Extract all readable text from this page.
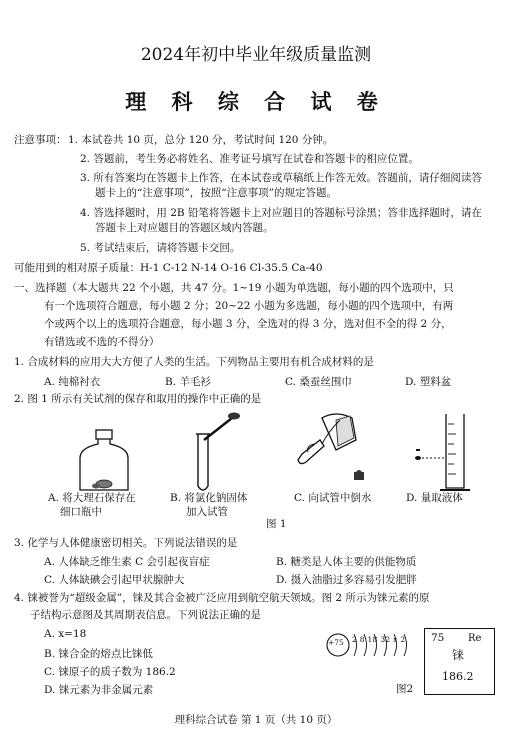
2024年初中毕业年级质量监测
理 科 综 合 试 卷
注意事项： 1. 本试卷共 10 页，总分 120 分，考试时间 120 分钟。
2. 答题前，考生务必将姓名、准考证号填写在试卷和答题卡的相应位置。
3. 所有答案均在答题卡上作答，在本试卷或草稿纸上作答无效。答题前，请仔细阅读答
题卡上的“注意事项”，按照“注意事项”的规定答题。
4. 答选择题时，用 2B 铅笔将答题卡上对应题目的答题标号涂黑；答非选择题时，请在
答题卡上对应题目的答题区域内答题。
5. 考试结束后，请将答题卡交回。
可能用到的相对原子质量：H-1 C-12 N-14 O-16 Cl-35.5 Ca-40
一、选择题（本大题共 22 个小题，共 47 分。1~19 小题为单选题，每小题的四个选项中，只
有一个选项符合题意，每小题 2 分；20~22 小题为多选题，每小题的四个选项中，有两
个或两个以上的选项符合题意，每小题 3 分，全选对的得 3 分，选对但不全的得 2 分，
有错选或不选的不得分）
1. 合成材料的应用大大方便了人类的生活。下列物品主要用有机合成材料的是
A. 纯棉衬衣	B. 羊毛衫	C. 桑蚕丝围巾	D. 塑料盆
2. 图 1 所示有关试剂的保存和取用的操作中正确的是
A. 将大理石保存在
细口瓶中
B. 将氯化钠固体
加入试管
C. 向试管中倒水	D. 量取液体
图 1
3. 化学与人体健康密切相关。下列说法错误的是
A. 人体缺乏维生素 C 会引起夜盲症	B. 糖类是人体主要的供能物质
C. 人体缺碘会引起甲状腺肿大	D. 摄入油脂过多容易引发肥胖
4. 铼被誉为“超级金属”，铼及其合金被广泛应用到航空航天领域。图 2 所示为铼元素的原
子结构示意图及其周期表信息。下列说法正确的是
A. x=18
B. 铼合金的熔点比铼低
C. 铼原子的质子数为 186.2
D. 铼元素为非金属元素
+75 2 8 18 32 x 2 75 Re
铼
186.2
图2
理科综合试卷 第 1 页（共 10 页）
